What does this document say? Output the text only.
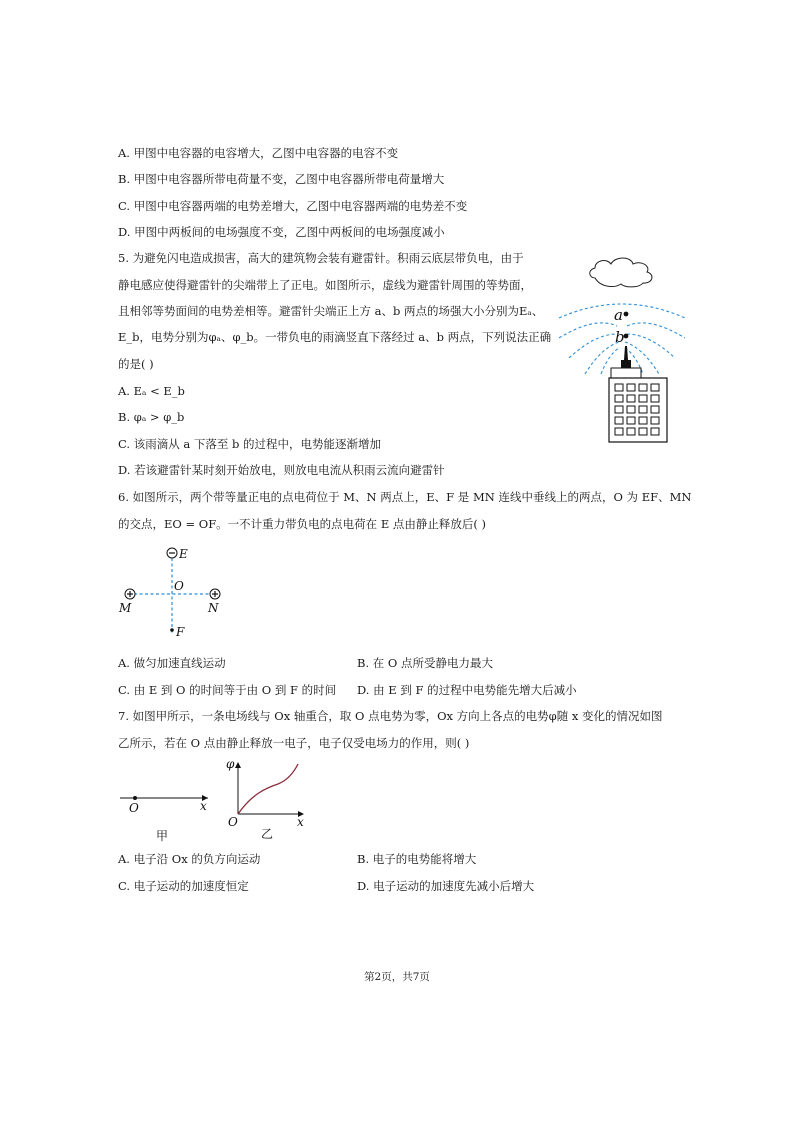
A. 甲图中电容器的电容增大，乙图中电容器的电容不变
B. 甲图中电容器所带电荷量不变，乙图中电容器所带电荷量增大
C. 甲图中电容器两端的电势差增大，乙图中电容器两端的电势差不变
D. 甲图中两板间的电场强度不变，乙图中两板间的电场强度减小
5. 为避免闪电造成损害，高大的建筑物会装有避雷针。积雨云底层带负电，由于
静电感应使得避雷针的尖端带上了正电。如图所示，虚线为避雷针周围的等势面，
且相邻等势面间的电势差相等。避雷针尖端正上方 a、b 两点的场强大小分别为Eₐ、
E_b，电势分别为φₐ、φ_b。一带负电的雨滴竖直下落经过 a、b 两点，下列说法正确
的是( )
A. Eₐ < E_b
B. φₐ > φ_b
C. 该雨滴从 a 下落至 b 的过程中，电势能逐渐增加
D. 若该避雷针某时刻开始放电，则放电电流从积雨云流向避雷针
a
b
6. 如图所示，两个带等量正电的点电荷位于 M、N 两点上，E、F 是 MN 连线中垂线上的两点，O 为 EF、MN
的交点，EO = OF。一不计重力带负电的点电荷在 E 点由静止释放后( )
E
O
M	N
F
A. 做匀加速直线运动	B. 在 O 点所受静电力最大
C. 由 E 到 O 的时间等于由 O 到 F 的时间 D. 由 E 到 F 的过程中电势能先增大后减小
7. 如图甲所示，一条电场线与 Ox 轴重合，取 O 点电势为零，Ox 方向上各点的电势φ随 x 变化的情况如图
乙所示，若在 O 点由静止释放一电子，电子仅受电场力的作用，则( )
O	x
φ
O	x
甲	乙
A. 电子沿 Ox 的负方向运动	B. 电子的电势能将增大
C. 电子运动的加速度恒定	D. 电子运动的加速度先减小后增大
第2页，共7页
